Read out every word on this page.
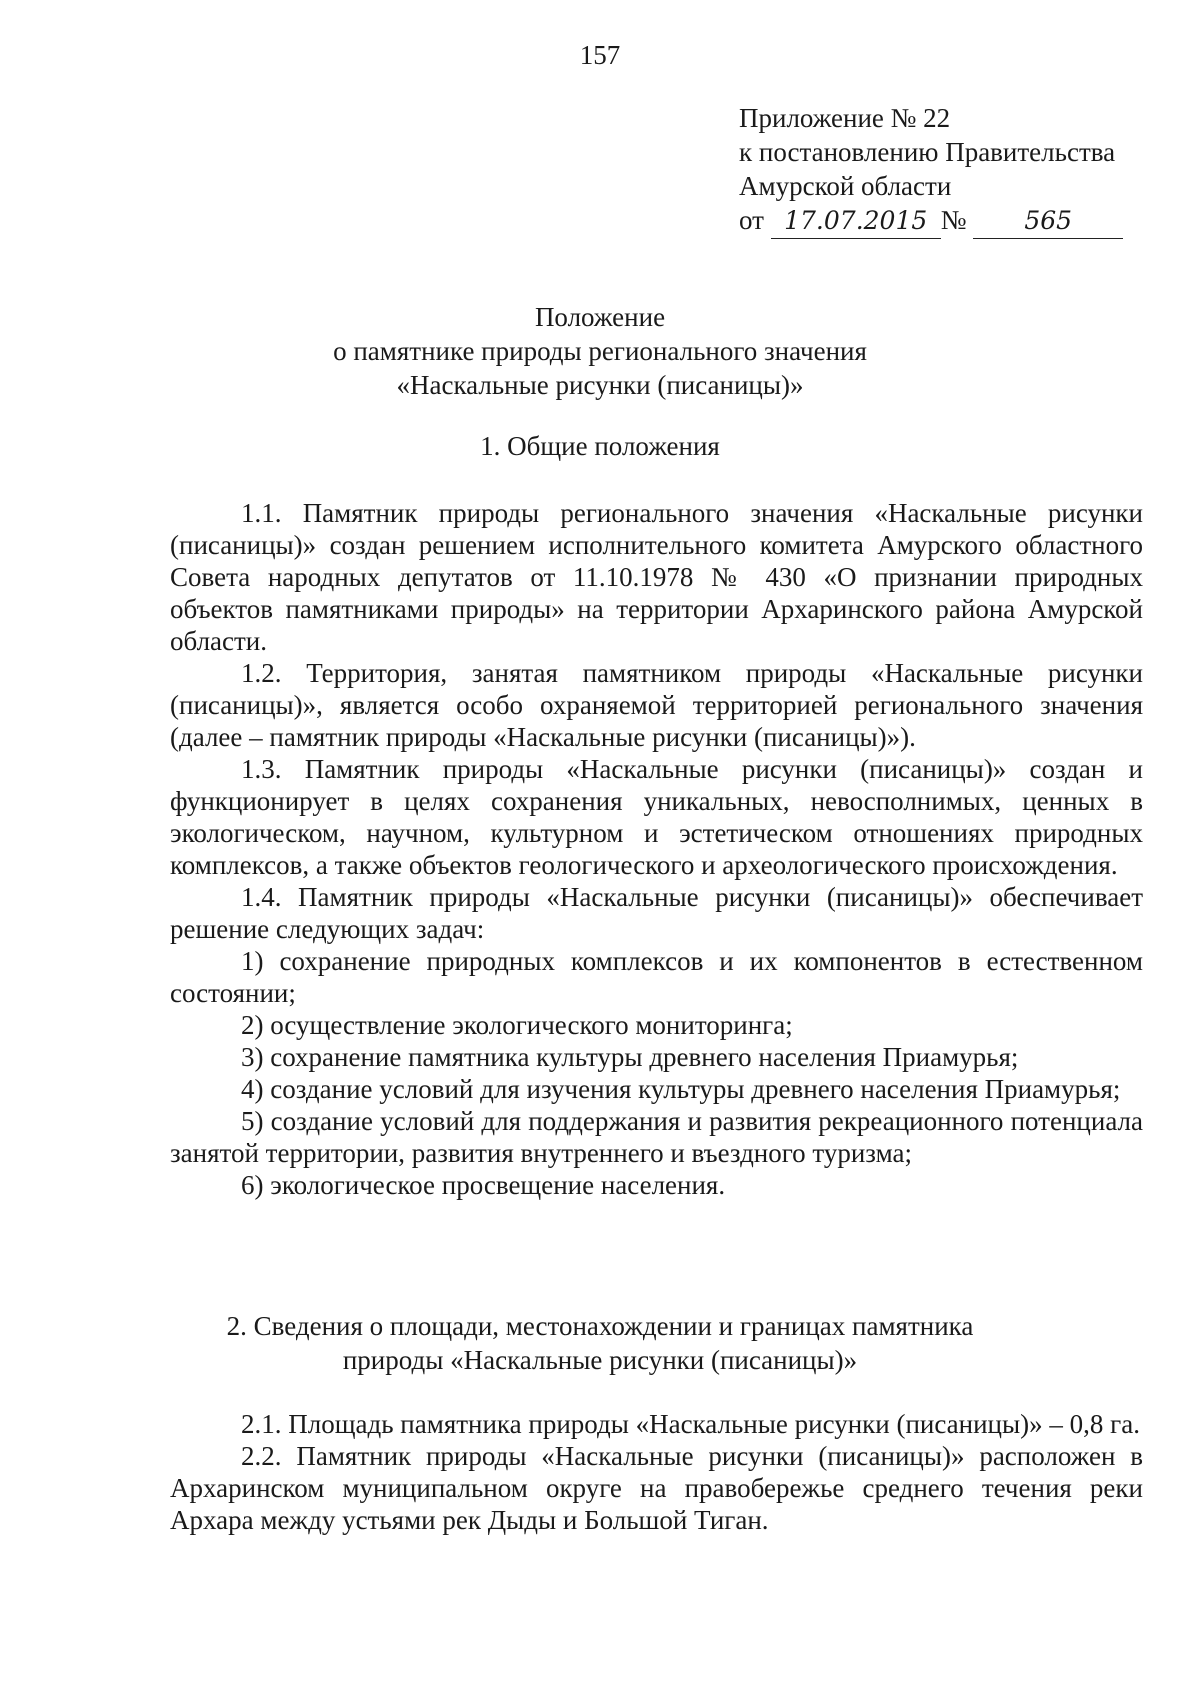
157
Приложение № 22
к постановлению Правительства
Амурской области
от 17.07.2015 № 565
Положение
о памятнике природы регионального значения
«Наскальные рисунки (писаницы)»
1. Общие положения

1.1. Памятник природы регионального значения «Наскальные рисунки (писаницы)» создан решением исполнительного комитета Амурского областного Совета народных депутатов от 11.10.1978 № 430 «О признании природных объектов памятниками природы» на территории Архаринского района Амурской области.

1.2. Территория, занятая памятником природы «Наскальные рисунки (писаницы)», является особо охраняемой территорией регионального значения (далее – памятник природы «Наскальные рисунки (писаницы)»).

1.3. Памятник природы «Наскальные рисунки (писаницы)» создан и функционирует в целях сохранения уникальных, невосполнимых, ценных в экологическом, научном, культурном и эстетическом отношениях природных комплексов, а также объектов геологического и археологического происхождения.

1.4. Памятник природы «Наскальные рисунки (писаницы)» обеспечивает решение следующих задач:

1) сохранение природных комплексов и их компонентов в естественном состоянии;

2) осуществление экологического мониторинга;

3) сохранение памятника культуры древнего населения Приамурья;

4) создание условий для изучения культуры древнего населения Приамурья;

5) создание условий для поддержания и развития рекреационного потенциала занятой территории, развития внутреннего и въездного туризма;

6) экологическое просвещение населения.

2. Сведения о площади, местонахождении и границах памятника
природы «Наскальные рисунки (писаницы)»

2.1. Площадь памятника природы «Наскальные рисунки (писаницы)» – 0,8 га.

2.2. Памятник природы «Наскальные рисунки (писаницы)» расположен в Архаринском муниципальном округе на правобережье среднего течения реки Архара между устьями рек Дыды и Большой Тиган.
